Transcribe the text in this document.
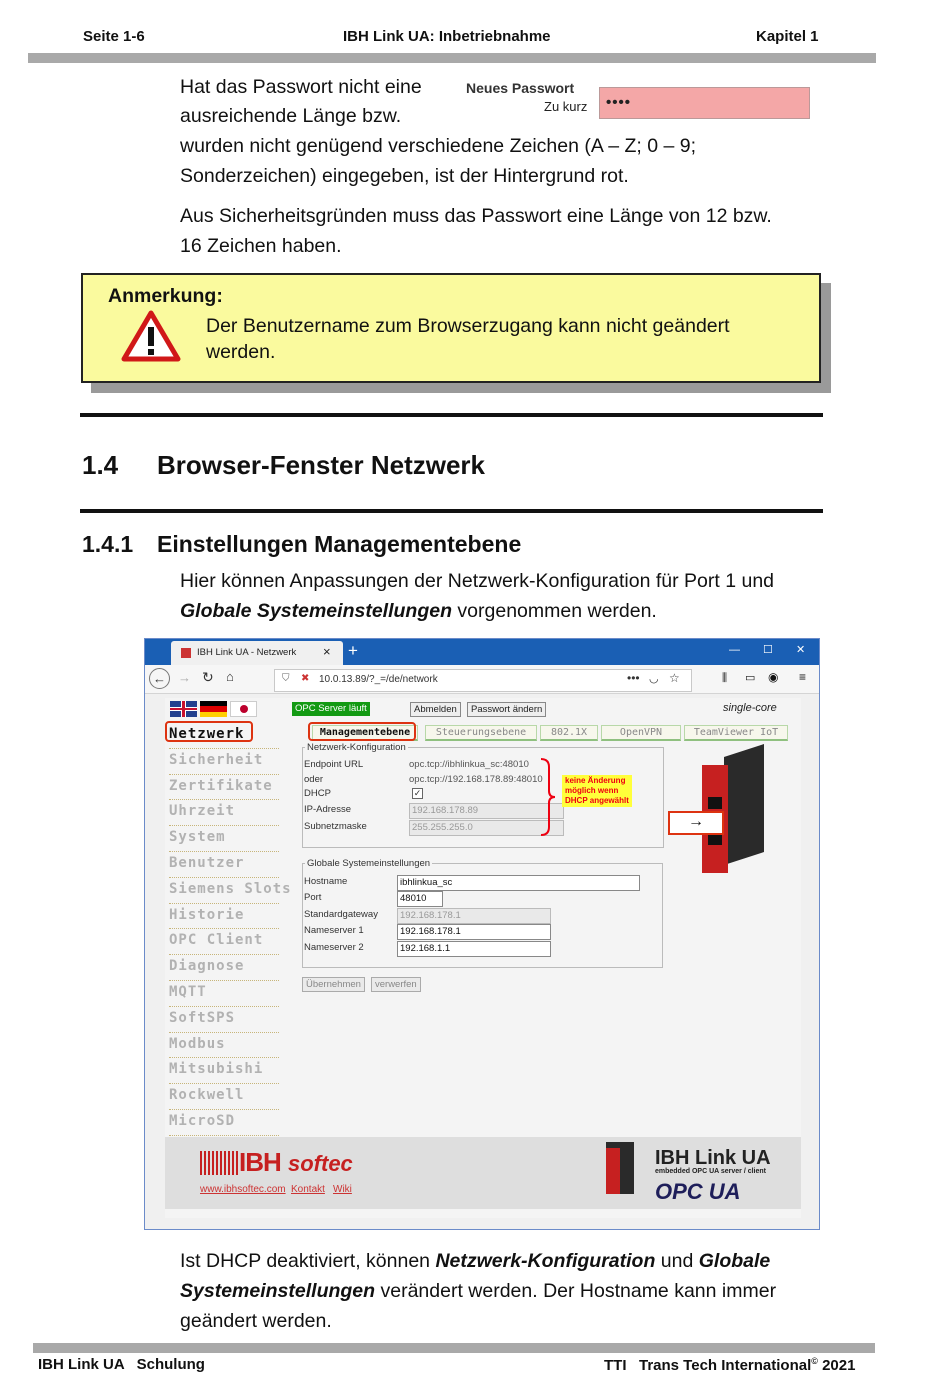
Seite 1-6	IBH Link UA: Inbetriebnahme	Kapitel 1
Hat das Passwort nicht eine
ausreichende Länge bzw.
Neues Passwort
Zu kurz	••••
wurden nicht genügend verschiedene Zeichen (A – Z; 0 – 9;
Sonderzeichen) eingegeben, ist der Hintergrund rot.
Aus Sicherheitsgründen muss das Passwort eine Länge von 12 bzw.
16 Zeichen haben.
Anmerkung:
Der Benutzername zum Browserzugang kann nicht geändert
werden.
1.4 Browser-Fenster Netzwerk
1.4.1 Einstellungen Managementebene
Hier können Anpassungen der Netzwerk-Konfiguration für Port 1 und
Globale Systemeinstellungen vorgenommen werden.
IBH Link UA - Netzwerk × +	— ☐ ✕
← → ↻ ⌂	⛉ ✖ 10.0.13.89/?_=/de/network	••• ◡ ☆	⫼ ▭ ◉ ≡
OPC Server läuft	Abmelden	Passwort ändern	single-core
Netzwerk
Sicherheit
Zertifikate
Uhrzeit
System
Benutzer
Siemens Slots
Historie
OPC Client
Diagnose
MQTT
SoftSPS
Modbus
Mitsubishi
Rockwell
MicroSD
Managementebene	Steuerungsebene	802.1X	OpenVPN	TeamViewer IoT
Netzwerk-Konfiguration
Endpoint URL	opc.tcp://ibhlinkua_sc:48010
oder	opc.tcp://192.168.178.89:48010
DHCP	✓
IP-Adresse	192.168.178.89
Subnetzmaske	255.255.255.0
keine Änderung
möglich wenn
DHCP angewählt
Globale Systemeinstellungen
Hostname	ibhlinkua_sc
Port	48010
Standardgateway	192.168.178.1
Nameserver 1	192.168.178.1
Nameserver 2	192.168.1.1
Übernehmen	verwerfen
→
IBH softec
www.ibhsoftec.com Kontakt Wiki
IBH Link UA
embedded OPC UA server / client
OPC UA
Ist DHCP deaktiviert, können Netzwerk-Konfiguration und Globale
Systemeinstellungen verändert werden. Der Hostname kann immer
geändert werden.
IBH Link UA   Schulung	TTI   Trans Tech International© 2021
